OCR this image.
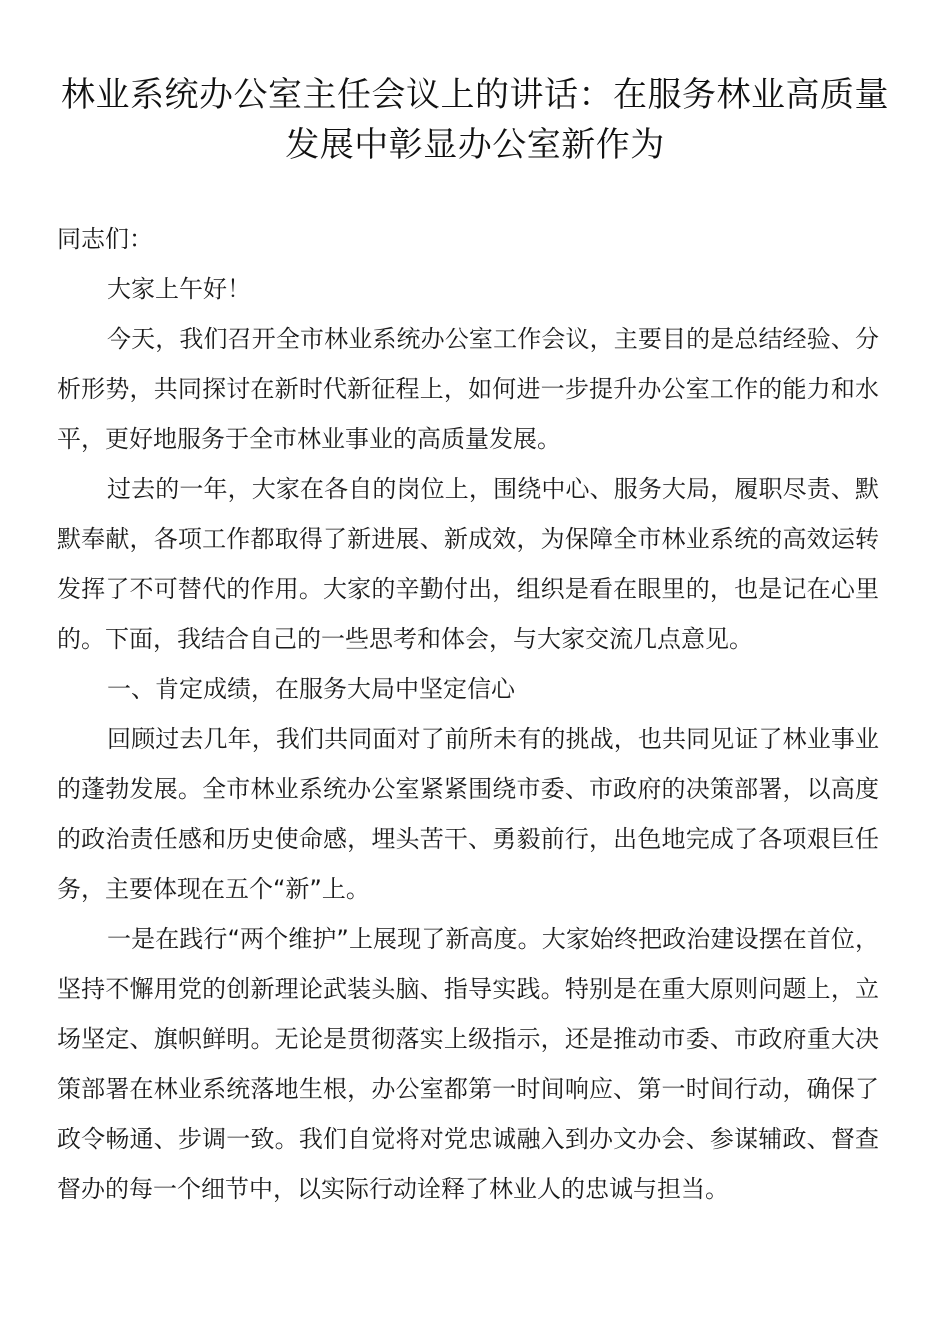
林业系统办公室主任会议上的讲话：在服务林业高质量发展中彰显办公室新作为

同志们：

大家上午好！

今天，我们召开全市林业系统办公室工作会议，主要目的是总结经验、分析形势，共同探讨在新时代新征程上，如何进一步提升办公室工作的能力和水平，更好地服务于全市林业事业的高质量发展。

过去的一年，大家在各自的岗位上，围绕中心、服务大局，履职尽责、默默奉献，各项工作都取得了新进展、新成效，为保障全市林业系统的高效运转发挥了不可替代的作用。大家的辛勤付出，组织是看在眼里的，也是记在心里的。下面，我结合自己的一些思考和体会，与大家交流几点意见。

一、肯定成绩，在服务大局中坚定信心

回顾过去几年，我们共同面对了前所未有的挑战，也共同见证了林业事业的蓬勃发展。全市林业系统办公室紧紧围绕市委、市政府的决策部署，以高度的政治责任感和历史使命感，埋头苦干、勇毅前行，出色地完成了各项艰巨任务，主要体现在五个“新”上。

一是在践行“两个维护”上展现了新高度。大家始终把政治建设摆在首位，坚持不懈用党的创新理论武装头脑、指导实践。特别是在重大原则问题上，立场坚定、旗帜鲜明。无论是贯彻落实上级指示，还是推动市委、市政府重大决策部署在林业系统落地生根，办公室都第一时间响应、第一时间行动，确保了政令畅通、步调一致。我们自觉将对党忠诚融入到办文办会、参谋辅政、督查督办的每一个细节中，以实际行动诠释了林业人的忠诚与担当。
